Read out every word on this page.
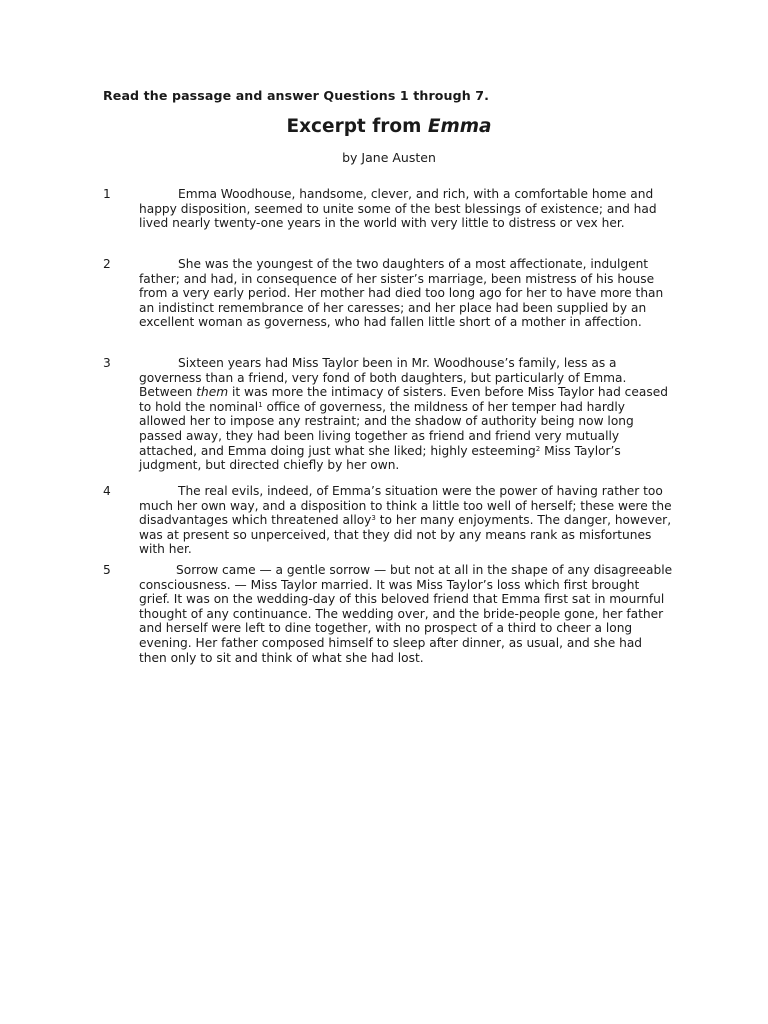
Read the passage and answer Questions 1 through 7.
Excerpt from Emma
by Jane Austen
1	Emma Woodhouse, handsome, clever, and rich, with a comfortable home and happy disposition, seemed to unite some of the best blessings of existence; and had lived nearly twenty-one years in the world with very little to distress or vex her.
2	She was the youngest of the two daughters of a most affectionate, indulgent father; and had, in consequence of her sister’s marriage, been mistress of his house from a very early period. Her mother had died too long ago for her to have more than an indistinct remembrance of her caresses; and her place had been supplied by an excellent woman as governess, who had fallen little short of a mother in affection.
3	Sixteen years had Miss Taylor been in Mr. Woodhouse’s family, less as a governess than a friend, very fond of both daughters, but particularly of Emma. Between them it was more the intimacy of sisters. Even before Miss Taylor had ceased to hold the nominal$^1$ office of governess, the mildness of her temper had hardly allowed her to impose any restraint; and the shadow of authority being now long passed away, they had been living together as friend and friend very mutually attached, and Emma doing just what she liked; highly esteeming$^2$ Miss Taylor’s judgment, but directed chiefly by her own.
4	The real evils, indeed, of Emma’s situation were the power of having rather too much her own way, and a disposition to think a little too well of herself; these were the disadvantages which threatened alloy$^3$ to her many enjoyments. The danger, however, was at present so unperceived, that they did not by any means rank as misfortunes with her.
5	Sorrow came — a gentle sorrow — but not at all in the shape of any disagreeable consciousness. — Miss Taylor married. It was Miss Taylor’s loss which first brought grief. It was on the wedding-day of this beloved friend that Emma first sat in mournful thought of any continuance. The wedding over, and the bride-people gone, her father and herself were left to dine together, with no prospect of a third to cheer a long evening. Her father composed himself to sleep after dinner, as usual, and she had then only to sit and think of what she had lost.
